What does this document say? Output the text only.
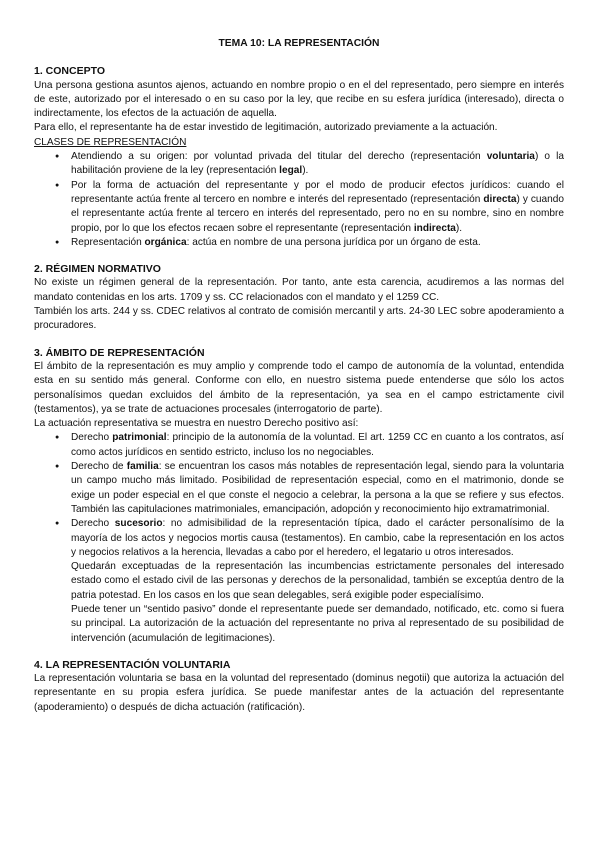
TEMA 10: LA REPRESENTACIÓN
1. CONCEPTO

Una persona gestiona asuntos ajenos, actuando en nombre propio o en el del representado, pero siempre en interés de este, autorizado por el interesado o en su caso por la ley, que recibe en su esfera jurídica (interesado), directa o indirectamente, los efectos de la actuación de aquella.

Para ello, el representante ha de estar investido de legitimación, autorizado previamente a la actuación.

CLASES DE REPRESENTACIÓN

● Atendiendo a su origen: por voluntad privada del titular del derecho (representación voluntaria) o la habilitación proviene de la ley (representación legal).
● Por la forma de actuación del representante y por el modo de producir efectos jurídicos: cuando el representante actúa frente al tercero en nombre e interés del representado (representación directa) y cuando el representante actúa frente al tercero en interés del representado, pero no en su nombre, sino en nombre propio, por lo que los efectos recaen sobre el representante (representación indirecta).
● Representación orgánica: actúa en nombre de una persona jurídica por un órgano de esta.
2. RÉGIMEN NORMATIVO

No existe un régimen general de la representación. Por tanto, ante esta carencia, acudiremos a las normas del mandato contenidas en los arts. 1709 y ss. CC relacionados con el mandato y el 1259 CC.

También los arts. 244 y ss. CDEC relativos al contrato de comisión mercantil y arts. 24-30 LEC sobre apoderamiento a procuradores.

3. ÁMBITO DE REPRESENTACIÓN

El ámbito de la representación es muy amplio y comprende todo el campo de autonomía de la voluntad, entendida esta en su sentido más general. Conforme con ello, en nuestro sistema puede entenderse que sólo los actos personalísimos quedan excluidos del ámbito de la representación, ya sea en el campo estrictamente civil (testamentos), ya se trate de actuaciones procesales (interrogatorio de parte).

La actuación representativa se muestra en nuestro Derecho positivo así:

● Derecho patrimonial: principio de la autonomía de la voluntad. El art. 1259 CC en cuanto a los contratos, así como actos jurídicos en sentido estricto, incluso los no negociables.
● Derecho de familia: se encuentran los casos más notables de representación legal, siendo para la voluntaria un campo mucho más limitado. Posibilidad de representación especial, como en el matrimonio, donde se exige un poder especial en el que conste el negocio a celebrar, la persona a la que se refiere y sus efectos. También las capitulaciones matrimoniales, emancipación, adopción y reconocimiento hijo extramatrimonial.
● Derecho sucesorio: no admisibilidad de la representación típica, dado el carácter personalísimo de la mayoría de los actos y negocios mortis causa (testamentos). En cambio, cabe la representación en los actos y negocios relativos a la herencia, llevadas a cabo por el heredero, el legatario u otros interesados.
Quedarán exceptuadas de la representación las incumbencias estrictamente personales del interesado estado como el estado civil de las personas y derechos de la personalidad, también se exceptúa dentro de la patria potestad. En los casos en los que sean delegables, será exigible poder especialísimo.
Puede tener un “sentido pasivo” donde el representante puede ser demandado, notificado, etc. como si fuera su principal. La autorización de la actuación del representante no priva al representado de su posibilidad de intervención (acumulación de legitimaciones).
4. LA REPRESENTACIÓN VOLUNTARIA

La representación voluntaria se basa en la voluntad del representado (dominus negotii) que autoriza la actuación del representante en su propia esfera jurídica. Se puede manifestar antes de la actuación del representante (apoderamiento) o después de dicha actuación (ratificación).
